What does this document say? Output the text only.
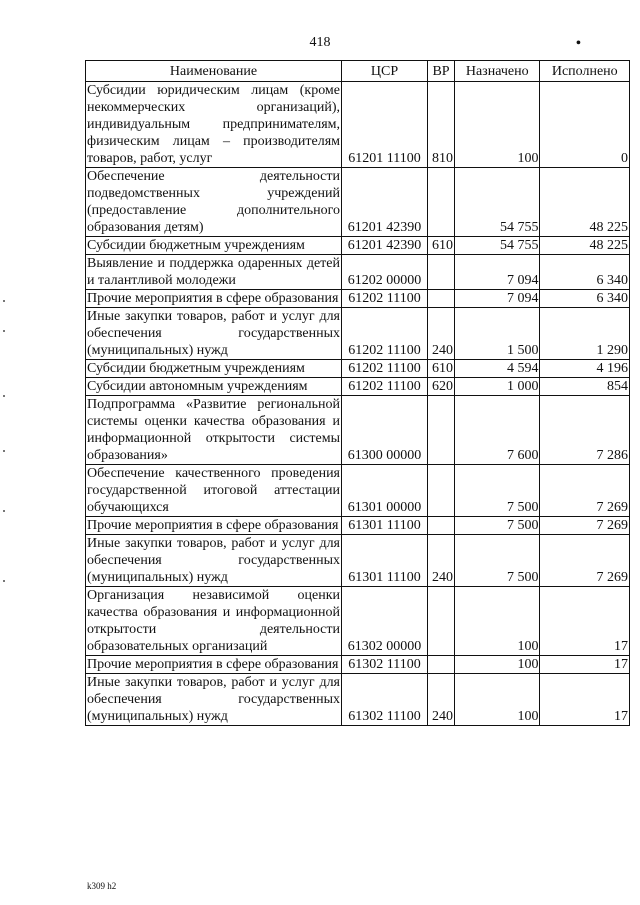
418	•
Наименование	ЦСР	ВР	Назначено	Исполнено
Субсидии юридическим лицам (кроме некоммерческих организаций), индивидуальным предпринимателям, физическим лицам – производителям товаров, работ, услуг	61201 11100	810	100	0
Обеспечение деятельности подведомственных учреждений (предоставление дополнительного образования детям)	61201 42390		54 755	48 225
Субсидии бюджетным учреждениям	61201 42390	610	54 755	48 225
Выявление и поддержка одаренных детей и талантливой молодежи	61202 00000		7 094	6 340
Прочие мероприятия в сфере образования	61202 11100		7 094	6 340
Иные закупки товаров, работ и услуг для обеспечения государственных (муниципальных) нужд	61202 11100	240	1 500	1 290
Субсидии бюджетным учреждениям	61202 11100	610	4 594	4 196
Субсидии автономным учреждениям	61202 11100	620	1 000	854
Подпрограмма «Развитие региональной системы оценки качества образования и информационной открытости системы образования»	61300 00000		7 600	7 286
Обеспечение качественного проведения государственной итоговой аттестации обучающихся	61301 00000		7 500	7 269
Прочие мероприятия в сфере образования	61301 11100		7 500	7 269
Иные закупки товаров, работ и услуг для обеспечения государственных (муниципальных) нужд	61301 11100	240	7 500	7 269
Организация независимой оценки качества образования и информационной открытости деятельности образовательных организаций	61302 00000		100	17
Прочие мероприятия в сфере образования	61302 11100		100	17
Иные закупки товаров, работ и услуг для обеспечения государственных (муниципальных) нужд	61302 11100	240	100	17
k309 h2
